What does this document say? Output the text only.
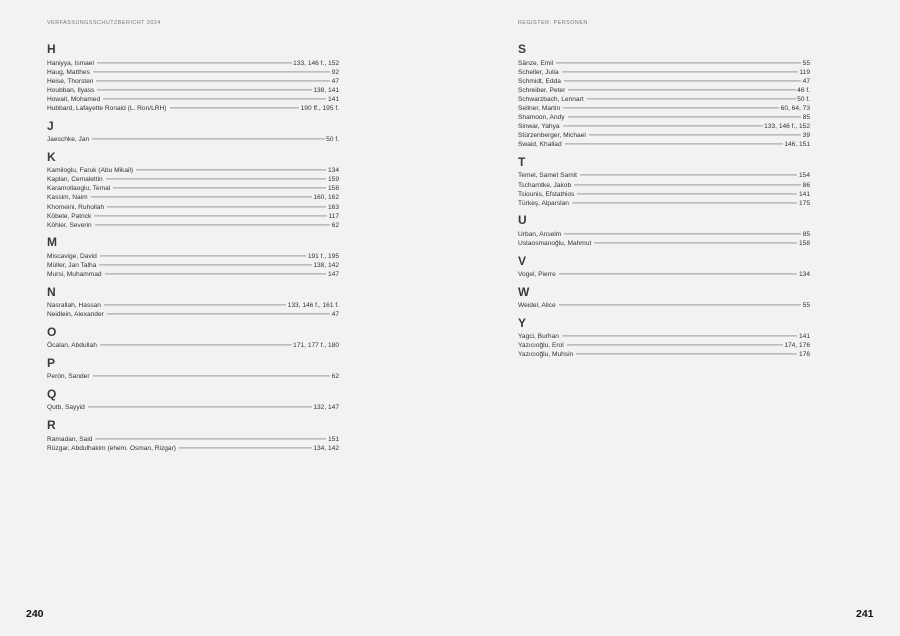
VERFASSUNGSSCHUTZBERICHT 2024
H
Haniyya, Ismael	133, 146 f., 152
Haug, Matthes	92
Heise, Thorsten	47
Houbban, Ilyass	138, 141
Howait, Mohamed	141
Hubbard, Lafayette Ronald (L. Ron/LRH)	190 ff., 195 f.
J
Jaeschke, Jan	50 f.
K
Kamiloglu, Faruk (Abu Mikail)	134
Kaplan, Cemalettin	159
Karamollaoglu, Temal	158
Kassim, Naim	160, 162
Khomeini, Ruhollah	163
Köbele, Patrick	117
Köhler, Severin	62
M
Miscavige, David	191 f., 195
Müller, Jan Talha	138, 142
Mursi, Muhammad	147
N
Nasrallah, Hassan	133, 146 f., 161 f.
Neidlein, Alexander	47
O
Öcalan, Abdullah	171, 177 f., 180
P
Perón, Sander	62
Q
Qutb, Sayyid	132, 147
R
Ramadan, Said	151
Rüzgar, Abdulhakim (ehem. Osman, Rizgar)	134, 142
REGISTER: PERSONEN
S
Sänze, Emil	55
Scheller, Julia	119
Schmidt, Edda	47
Schreiber, Peter	46 f.
Schwarzbach, Lennart	50 f.
Sellner, Martin	60, 64, 73
Shamoon, Andy	85
Sinwar, Yahya	133, 146 f., 152
Stürzenberger, Michael	39
Swaid, Khallad	146, 151
T
Temel, Samet Samit	154
Tscharntke, Jakob	86
Tsiounis, Efstathios	141
Türkeş, Alparslan	175
U
Urban, Anselm	85
Ustaosmanoğlu, Mahmut	158
V
Vogel, Pierre	134
W
Weidel, Alice	55
Y
Yagci, Burhan	141
Yazıcıoğlu, Erol	174, 176
Yazıcıoğlu, Muhsin	176
240	241
